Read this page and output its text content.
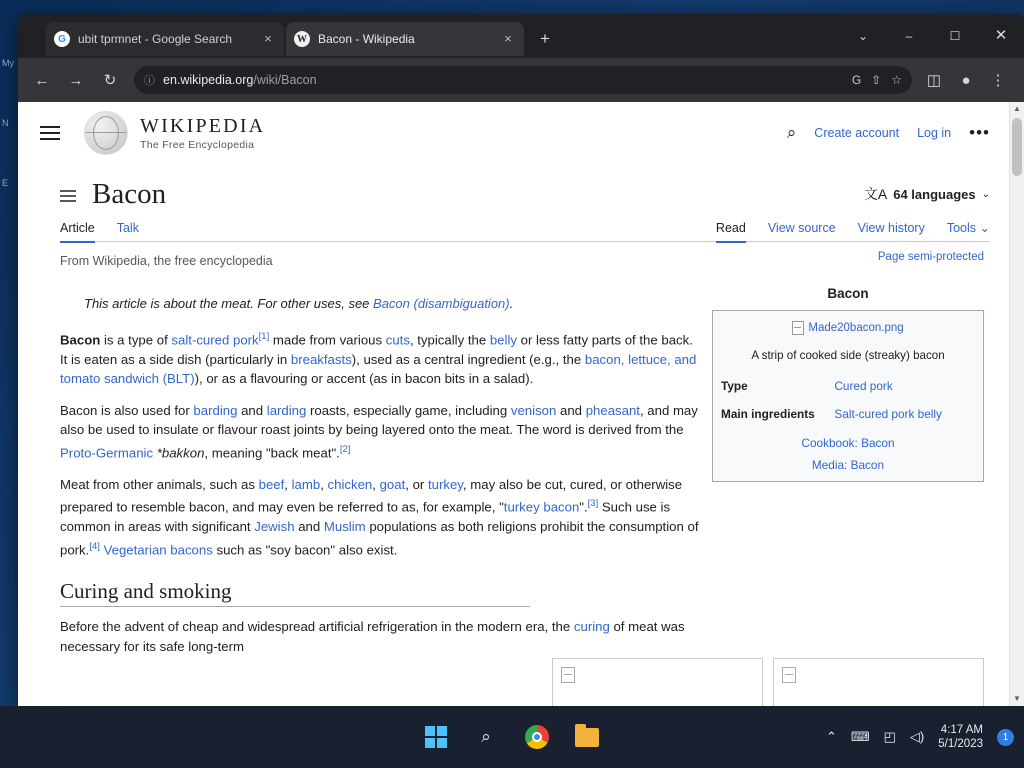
My
N
E
G	ubit tprmnet - Google Search	×	W Bacon - Wikipedia	×	+	⌄	–	☐	✕
←	→	↻	ⓘ en.wikipedia.org/wiki/Bacon	G ⇧ ☆	◫	●	⋮
WIKIPEDIA
The Free Encyclopedia
⌕ Create account Log in •••
Bacon	文A 64 languages ⌄
Article Talk	Read View source View history Tools ⌄
From Wikipedia, the free encyclopedia	Page semi-protected
This article is about the meat. For other uses, see Bacon (disambiguation).

Bacon is a type of salt-cured pork[1] made from various cuts, typically the belly or less fatty parts of the back. It is eaten as a side dish (particularly in breakfasts), used as a central ingredient (e.g., the bacon, lettuce, and tomato sandwich (BLT)), or as a flavouring or accent (as in bacon bits in a salad).

Bacon is also used for barding and larding roasts, especially game, including venison and pheasant, and may also be used to insulate or flavour roast joints by being layered onto the meat. The word is derived from the Proto-Germanic *bakkon, meaning "back meat".[2]

Meat from other animals, such as beef, lamb, chicken, goat, or turkey, may also be cut, cured, or otherwise prepared to resemble bacon, and may even be referred to as, for example, "turkey bacon".[3] Such use is common in areas with significant Jewish and Muslim populations as both religions prohibit the consumption of pork.[4] Vegetarian bacons such as "soy bacon" also exist.

Curing and smoking

Before the advent of cheap and widespread artificial refrigeration in the modern era, the curing of meat was necessary for its safe long-term

Bacon
Made20bacon.png
A strip of cooked side (streaky) bacon
Type	Cured pork
Main ingredients	Salt-cured pork belly
Cookbook: Bacon
Media: Bacon
▲
▼
⌕	⌃ ⌨ ◰ ◁) 4:17 AM
5/1/2023
1
